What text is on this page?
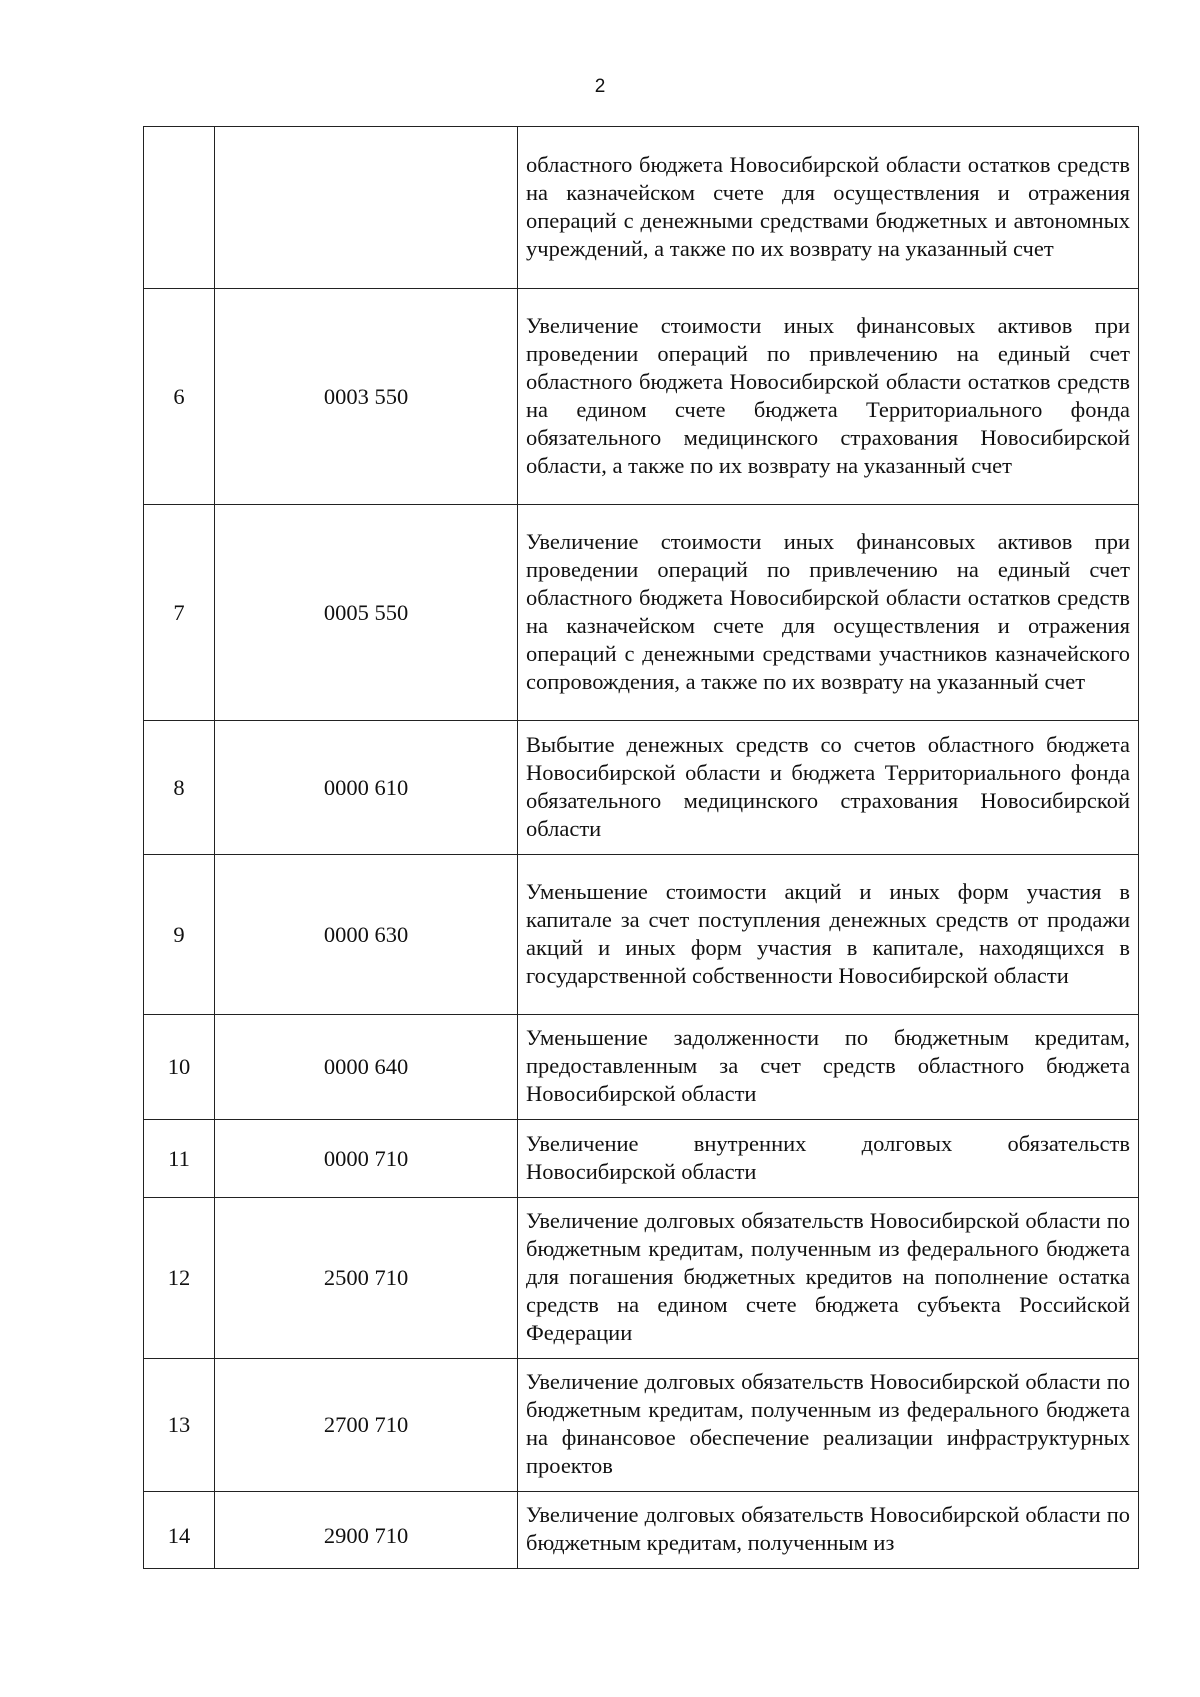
2
		областного бюджета Новосибирской области остатков средств на казначейском счете для осуществления и отражения операций с денежными средствами бюджетных и автономных учреждений, а также по их возврату на указанный счет
6	0003 550	Увеличение стоимости иных финансовых активов при проведении операций по привлечению на единый счет областного бюджета Новосибирской области остатков средств на едином счете бюджета Территориального фонда обязательного медицинского страхования Новосибирской области, а также по их возврату на указанный счет
7	0005 550	Увеличение стоимости иных финансовых активов при проведении операций по привлечению на единый счет областного бюджета Новосибирской области остатков средств на казначейском счете для осуществления и отражения операций с денежными средствами участников казначейского сопровождения, а также по их возврату на указанный счет
8	0000 610	Выбытие денежных средств со счетов областного бюджета Новосибирской области и бюджета Территориального фонда обязательного медицинского страхования Новосибирской области
9	0000 630	Уменьшение стоимости акций и иных форм участия в капитале за счет поступления денежных средств от продажи акций и иных форм участия в капитале, находящихся в государственной собственности Новосибирской области
10	0000 640	Уменьшение задолженности по бюджетным кредитам, предоставленным за счет средств областного бюджета Новосибирской области
11	0000 710	Увеличение внутренних долговых обязательств Новосибирской области
12	2500 710	Увеличение долговых обязательств Новосибирской области по бюджетным кредитам, полученным из федерального бюджета для погашения бюджетных кредитов на пополнение остатка средств на едином счете бюджета субъекта Российской Федерации
13	2700 710	Увеличение долговых обязательств Новосибирской области по бюджетным кредитам, полученным из федерального бюджета на финансовое обеспечение реализации инфраструктурных проектов
14	2900 710	Увеличение долговых обязательств Новосибирской области по бюджетным кредитам, полученным из
